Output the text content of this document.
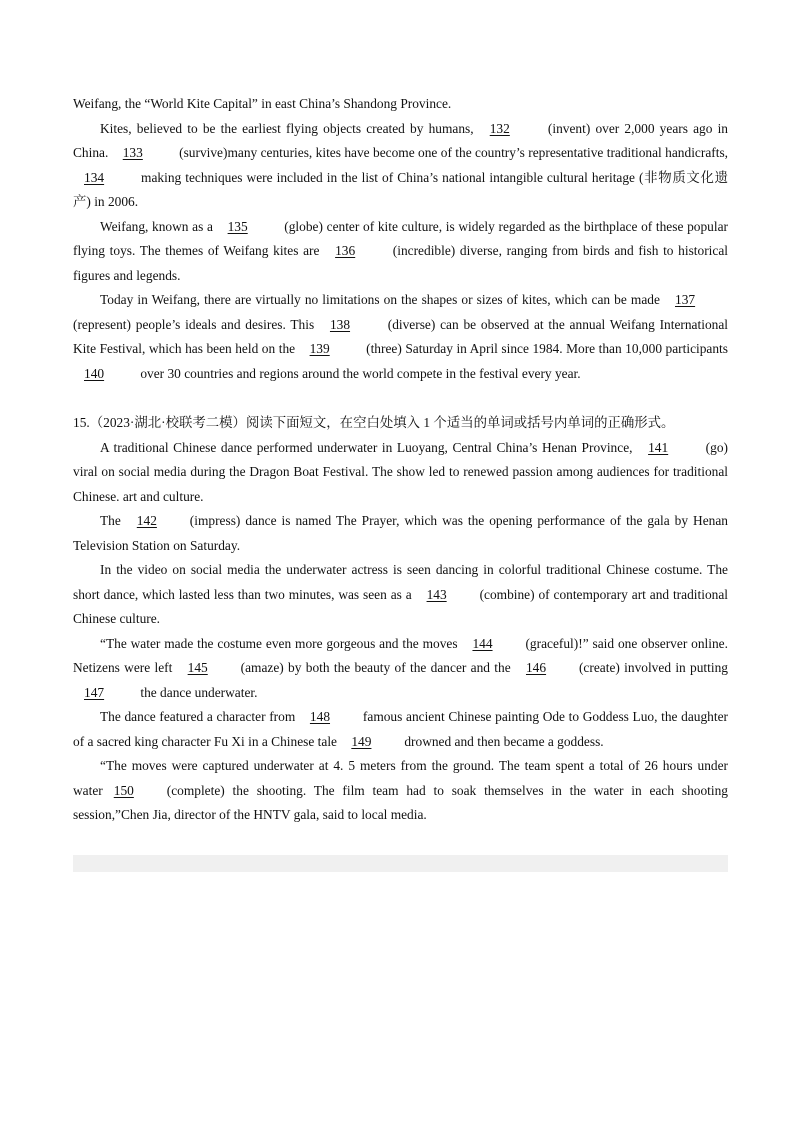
Weifang, the “World Kite Capital” in east China’s Shandong Province.

Kites, believed to be the earliest flying objects created by humans, 132 (invent) over 2,000 years ago in China. 133 (survive)many centuries, kites have become one of the country’s representative traditional handicrafts, 134 making techniques were included in the list of China’s national intangible cultural heritage (非物质文化遗产) in 2006.

Weifang, known as a 135 (globe) center of kite culture, is widely regarded as the birthplace of these popular flying toys. The themes of Weifang kites are 136 (incredible) diverse, ranging from birds and fish to historical figures and legends.

Today in Weifang, there are virtually no limitations on the shapes or sizes of kites, which can be made 137 (represent) people’s ideals and desires. This 138 (diverse) can be observed at the annual Weifang International Kite Festival, which has been held on the 139 (three) Saturday in April since 1984. More than 10,000 participants 140 over 30 countries and regions around the world compete in the festival every year.

15.（2023·湖北·校联考二模）阅读下面短文，在空白处填入 1 个适当的单词或括号内单词的正确形式。

A traditional Chinese dance performed underwater in Luoyang, Central China’s Henan Province, 141 (go) viral on social media during the Dragon Boat Festival. The show led to renewed passion among audiences for traditional Chinese. art and culture.

The 142 (impress) dance is named The Prayer, which was the opening performance of the gala by Henan Television Station on Saturday.

In the video on social media the underwater actress is seen dancing in colorful traditional Chinese costume. The short dance, which lasted less than two minutes, was seen as a 143 (combine) of contemporary art and traditional Chinese culture.

“The water made the costume even more gorgeous and the moves 144 (graceful)!” said one observer online. Netizens were left 145 (amaze) by both the beauty of the dancer and the 146 (create) involved in putting 147 the dance underwater.

The dance featured a character from 148 famous ancient Chinese painting Ode to Goddess Luo, the daughter of a sacred king character Fu Xi in a Chinese tale 149 drowned and then became a goddess.

“The moves were captured underwater at 4. 5 meters from the ground. The team spent a total of 26 hours under water 150 (complete) the shooting. The film team had to soak themselves in the water in each shooting session,”Chen Jia, director of the HNTV gala, said to local media.
